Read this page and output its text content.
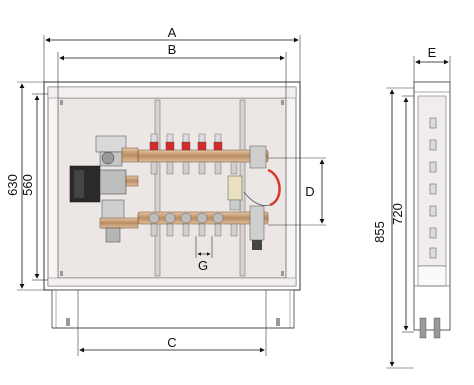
A
B
630 560
C
D
G
E
855
720
